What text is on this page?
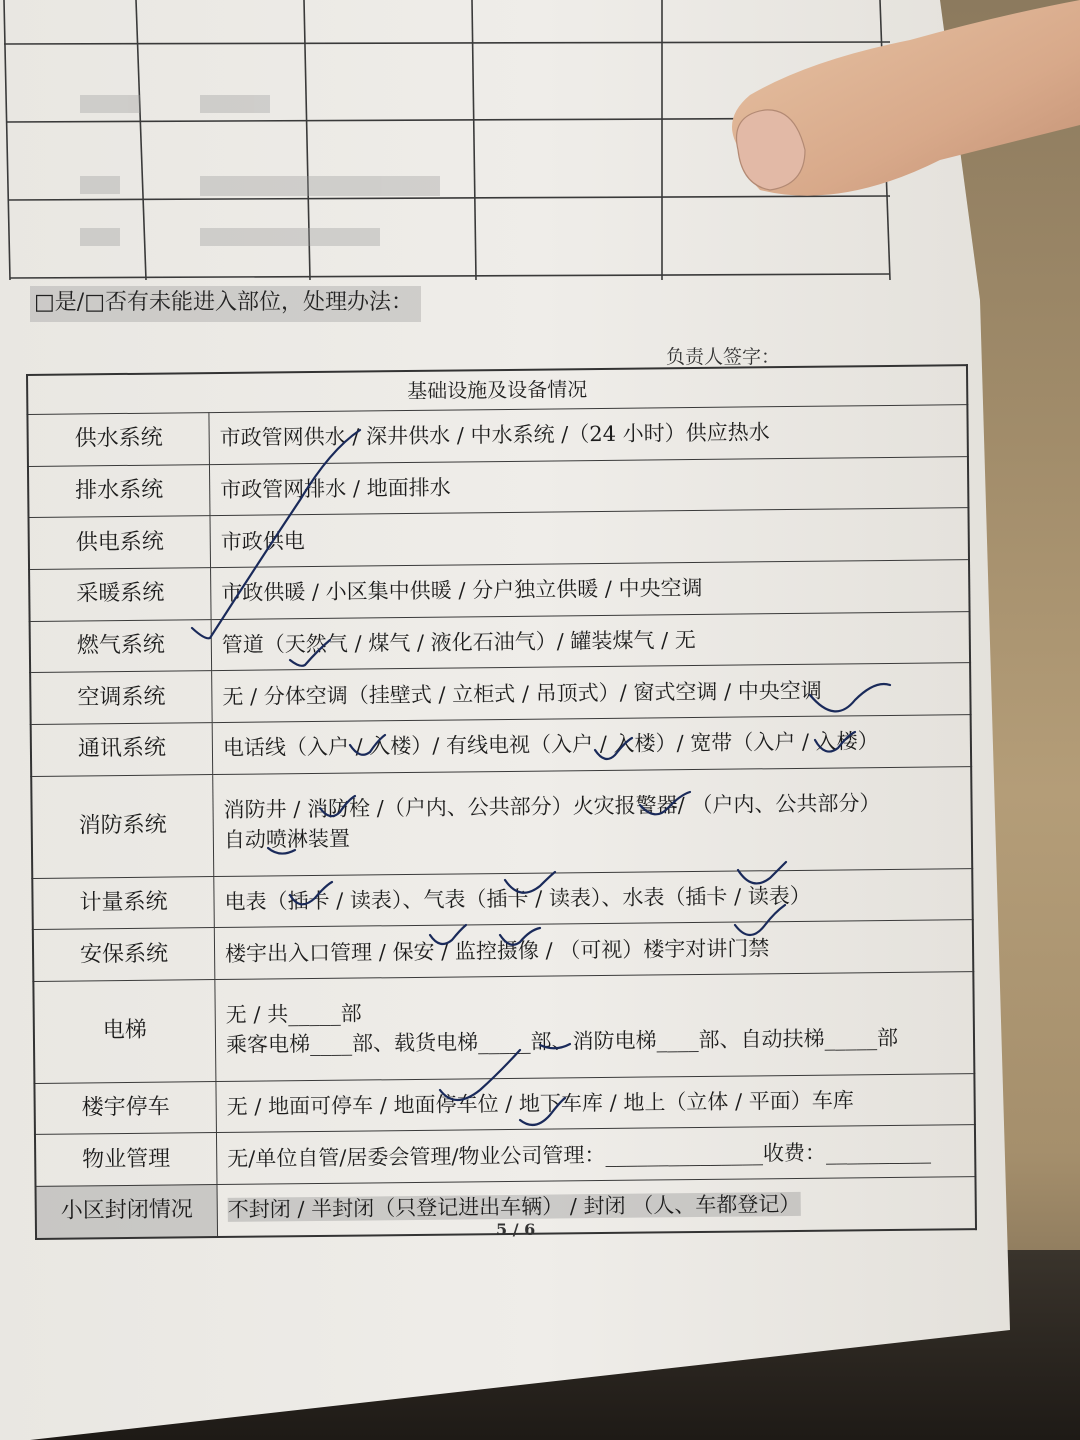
□是/□否有未能进入部位，处理办法：
负责人签字：
基础设施及设备情况	
供水系统	市政管网供水 / 深井供水 / 中水系统 /（24 小时）供应热水
排水系统	市政管网排水 / 地面排水
供电系统	市政供电
采暖系统	市政供暖 / 小区集中供暖 / 分户独立供暖 / 中央空调
燃气系统	管道（天然气 / 煤气 / 液化石油气）/ 罐装煤气 / 无
空调系统	无 / 分体空调（挂壁式 / 立柜式 / 吊顶式）/ 窗式空调 / 中央空调
通讯系统	电话线（入户 / 入楼）/ 有线电视（入户 / 入楼）/ 宽带（入户 / 入楼）
消防系统	消防井 / 消防栓 /（户内、公共部分）火灾报警器/ （户内、公共部分）
自动喷淋装置

计量系统	电表（插卡 / 读表）、气表（插卡 / 读表）、水表（插卡 / 读表）
安保系统	楼宇出入口管理 / 保安 / 监控摄像 / （可视）楼宇对讲门禁
电梯	无 / 共_____部
乘客电梯____部、载货电梯_____部、消防电梯____部、自动扶梯_____部

楼宇停车	无 / 地面可停车 / 地面停车位 / 地下车库 / 地上（立体 / 平面）车库
物业管理	无/单位自管/居委会管理/物业公司管理：_______________收费：__________
小区封闭情况	不封闭 / 半封闭（只登记进出车辆） / 封闭 （人、车都登记）
5 / 6
